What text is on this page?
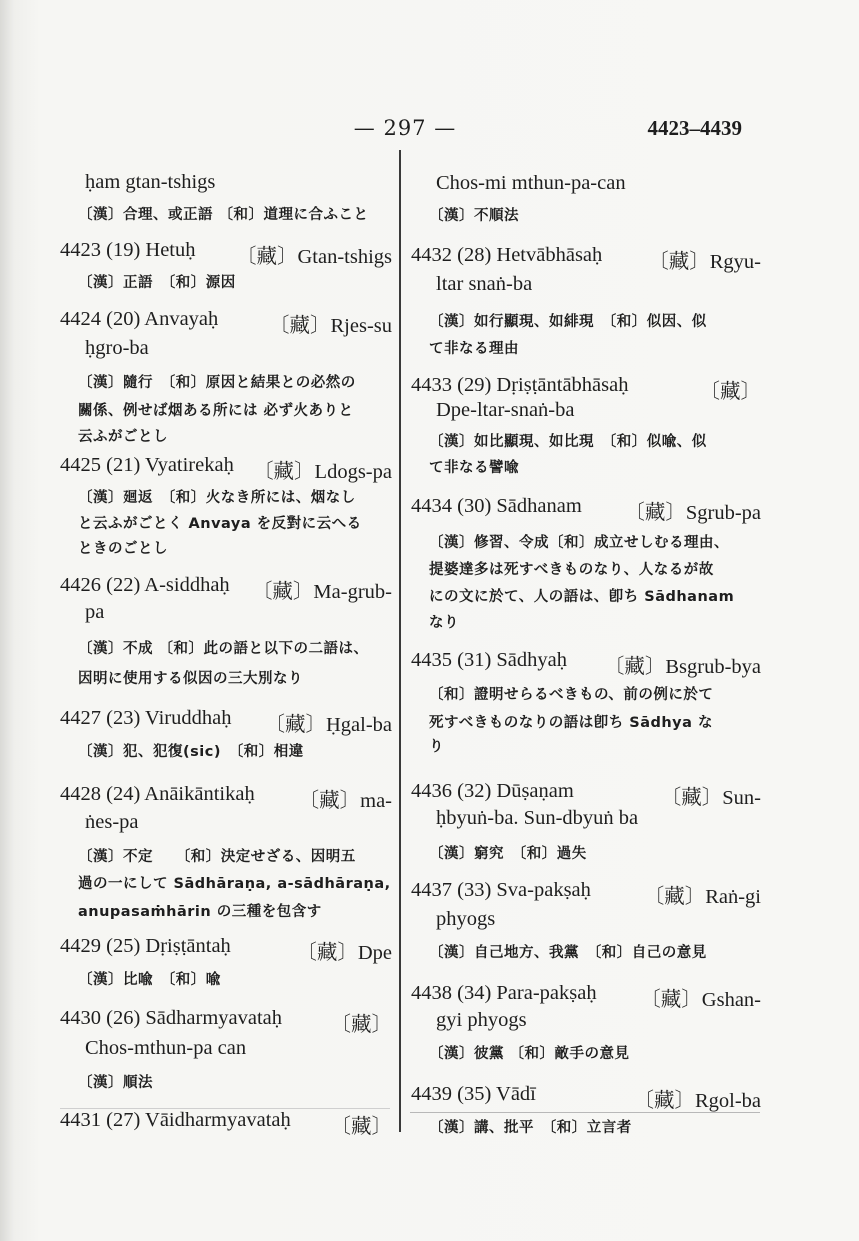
— 297 —	4423–4439
ḥam gtan-tshigs
〔漢〕合理、或正語 〔和〕道理に合ふこと
4423 (19) Hetuḥ 〔藏〕Gtan-tshigs
〔漢〕正語　〔和〕源因
4424 (20) Anvayaḥ 〔藏〕Rjes-su
ḥgro-ba
〔漢〕隨行　〔和〕原因と結果との必然の
關係、例せば烟ある所には 必ず火ありと
云ふがごとし
4425 (21) Vyatirekaḥ 〔藏〕Ldogs-pa
〔漢〕廻返　〔和〕火なき所には、烟なし
と云ふがごとく Anvaya を反對に云へる
ときのごとし
4426 (22) A-siddhaḥ 〔藏〕Ma-grub-
pa
〔漢〕不成 〔和〕此の語と以下の二語は、
因明に使用する似因の三大別なり
4427 (23) Viruddhaḥ 〔藏〕Ḥgal-ba
〔漢〕犯、犯復(sic)　〔和〕相違
4428 (24) Anāikāntikaḥ 〔藏〕ma-
ṅes-pa
〔漢〕不定　　〔和〕決定せざる、因明五
過の一にして Sādhāraṇa, a-sādhāraṇa,
anupasaṁhārin の三種を包含す
4429 (25) Dṛiṣṭāntaḥ	〔藏〕Dpe
〔漢〕比喩　〔和〕喩
4430 (26) Sādharmyavataḥ 〔藏〕
Chos-mthun-pa can
〔漢〕順法
4431 (27) Vāidharmyavataḥ 〔藏〕
Chos-mi mthun-pa-can
〔漢〕不順法
4432 (28) Hetvābhāsaḥ 〔藏〕Rgyu-
ltar snaṅ-ba
〔漢〕如行顯現、如緋現　〔和〕似因、似
て非なる理由
4433 (29) Dṛiṣṭāntābhāsaḥ	〔藏〕
Dpe-ltar-snaṅ-ba
〔漢〕如比顯現、如比現　〔和〕似喩、似
て非なる譬喩
4434 (30) Sādhanam 〔藏〕Sgrub-pa
〔漢〕修習、令成〔和〕成立せしむる理由、
提婆達多は死すべきものなり、人なるが故
にの文に於て、人の語は、卽ち Sādhanam
なり
4435 (31) Sādhyaḥ 〔藏〕Bsgrub-bya
〔和〕證明せらるべきもの、前の例に於て
死すべきものなりの語は卽ち Sādhya な
り
4436 (32) Dūṣaṇam	〔藏〕Sun-
ḥbyuṅ-ba. Sun-dbyuṅ ba
〔漢〕窮究　〔和〕過失
4437 (33) Sva-pakṣaḥ	〔藏〕Raṅ-gi
phyogs
〔漢〕自己地方、我黨　〔和〕自己の意見
4438 (34) Para-pakṣaḥ 〔藏〕Gshan-
gyi phyogs
〔漢〕彼黨 〔和〕敵手の意見
4439 (35) Vādī	〔藏〕Rgol-ba
〔漢〕講、批平　〔和〕立言者
